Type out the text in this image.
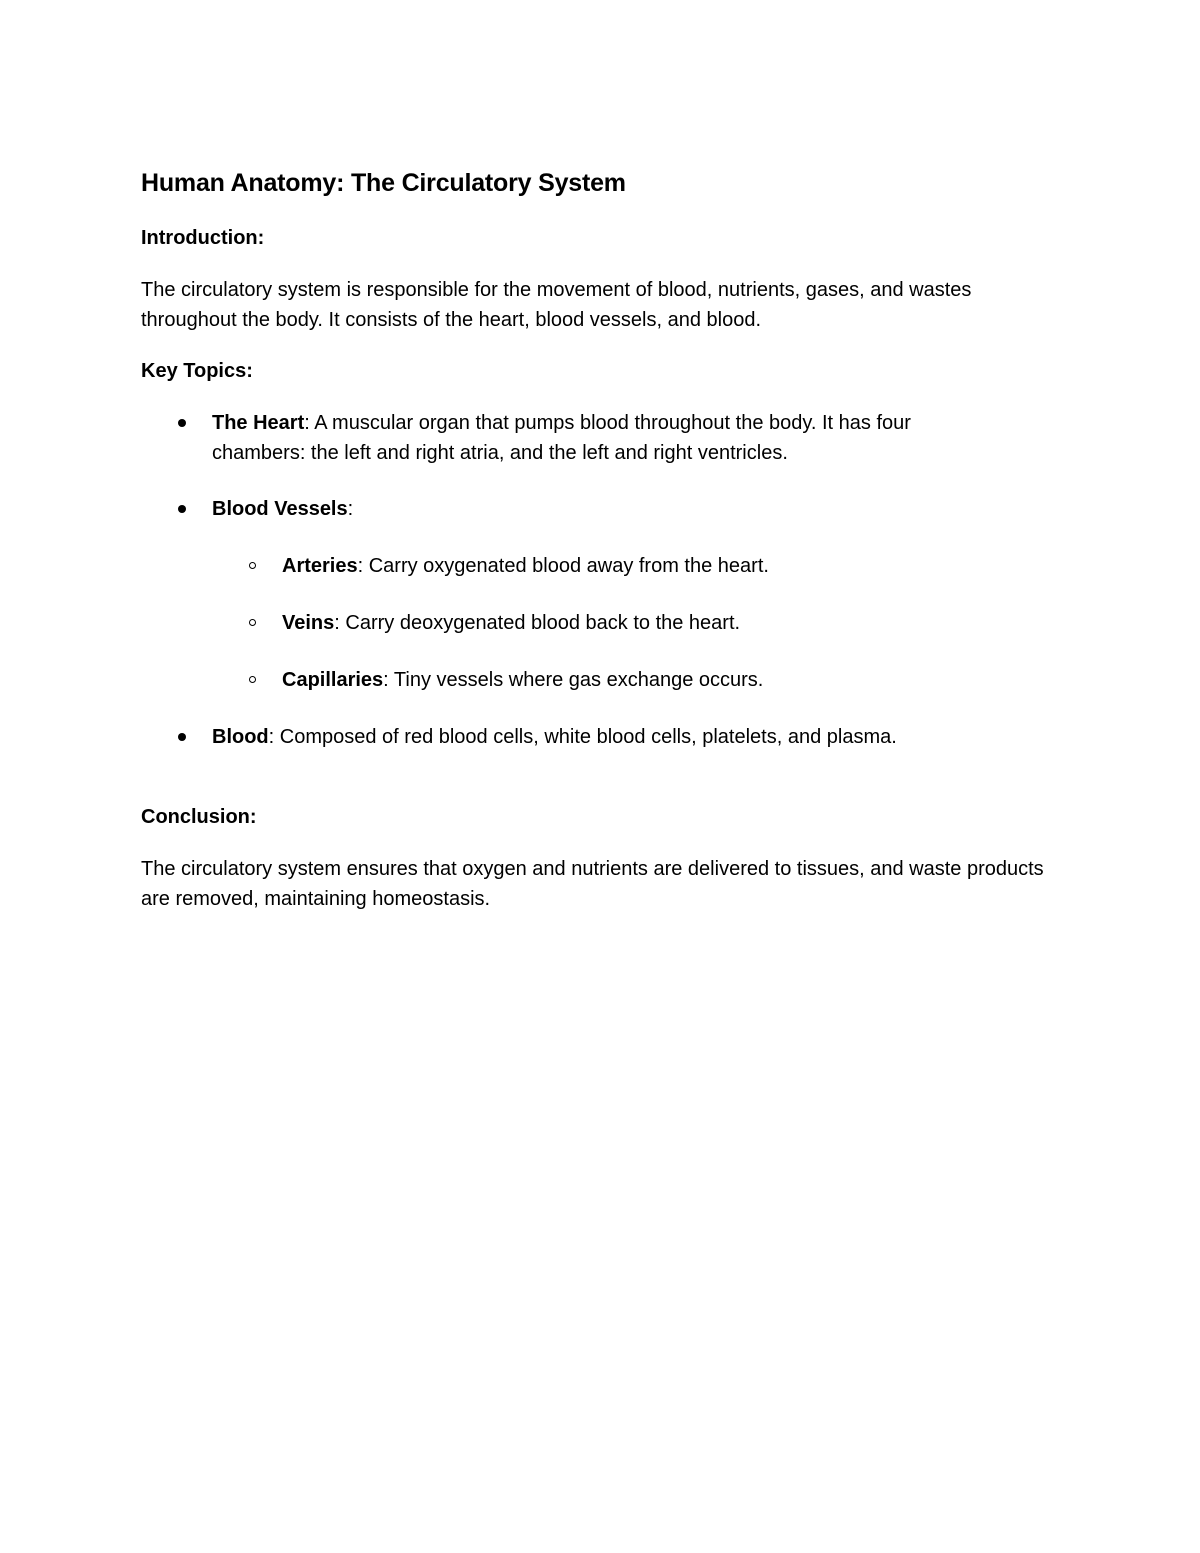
Human Anatomy: The Circulatory System

Introduction:

The circulatory system is responsible for the movement of blood, nutrients, gases, and wastes throughout the body. It consists of the heart, blood vessels, and blood.

Key Topics:

The Heart: A muscular organ that pumps blood throughout the body. It has four chambers: the left and right atria, and the left and right ventricles.
Blood Vessels:
Arteries: Carry oxygenated blood away from the heart.
Veins: Carry deoxygenated blood back to the heart.
Capillaries: Tiny vessels where gas exchange occurs.
Blood: Composed of red blood cells, white blood cells, platelets, and plasma.

Conclusion:

The circulatory system ensures that oxygen and nutrients are delivered to tissues, and waste products are removed, maintaining homeostasis.
